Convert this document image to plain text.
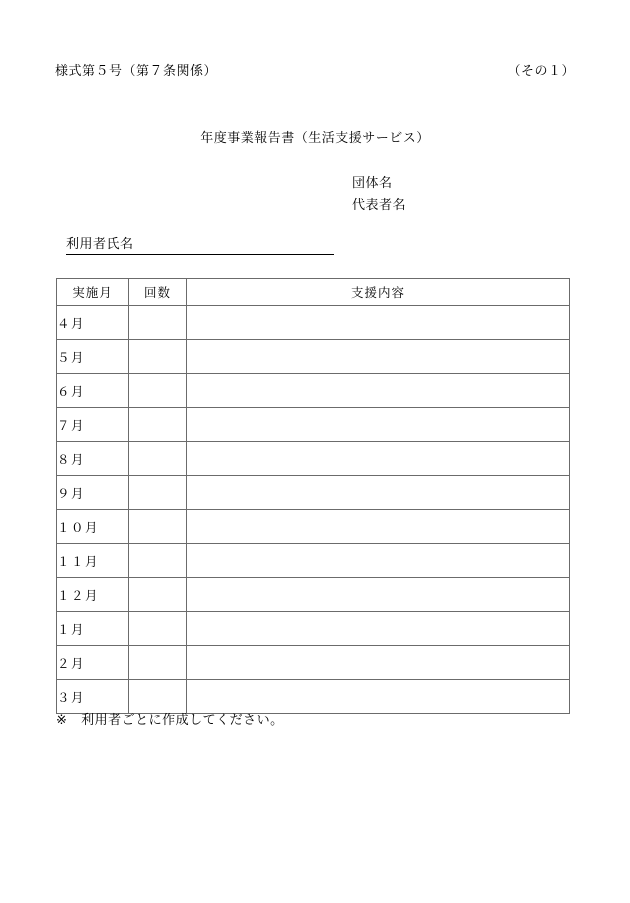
様式第５号（第７条関係）	（その１）
年度事業報告書（生活支援サービス）
団体名
代表者名
利用者氏名
実施月	回数	支援内容
４月		
５月		
６月		
７月		
８月		
９月		
１０月		
１１月		
１２月		
１月		
２月		
３月		
※ 利用者ごとに作成してください。
